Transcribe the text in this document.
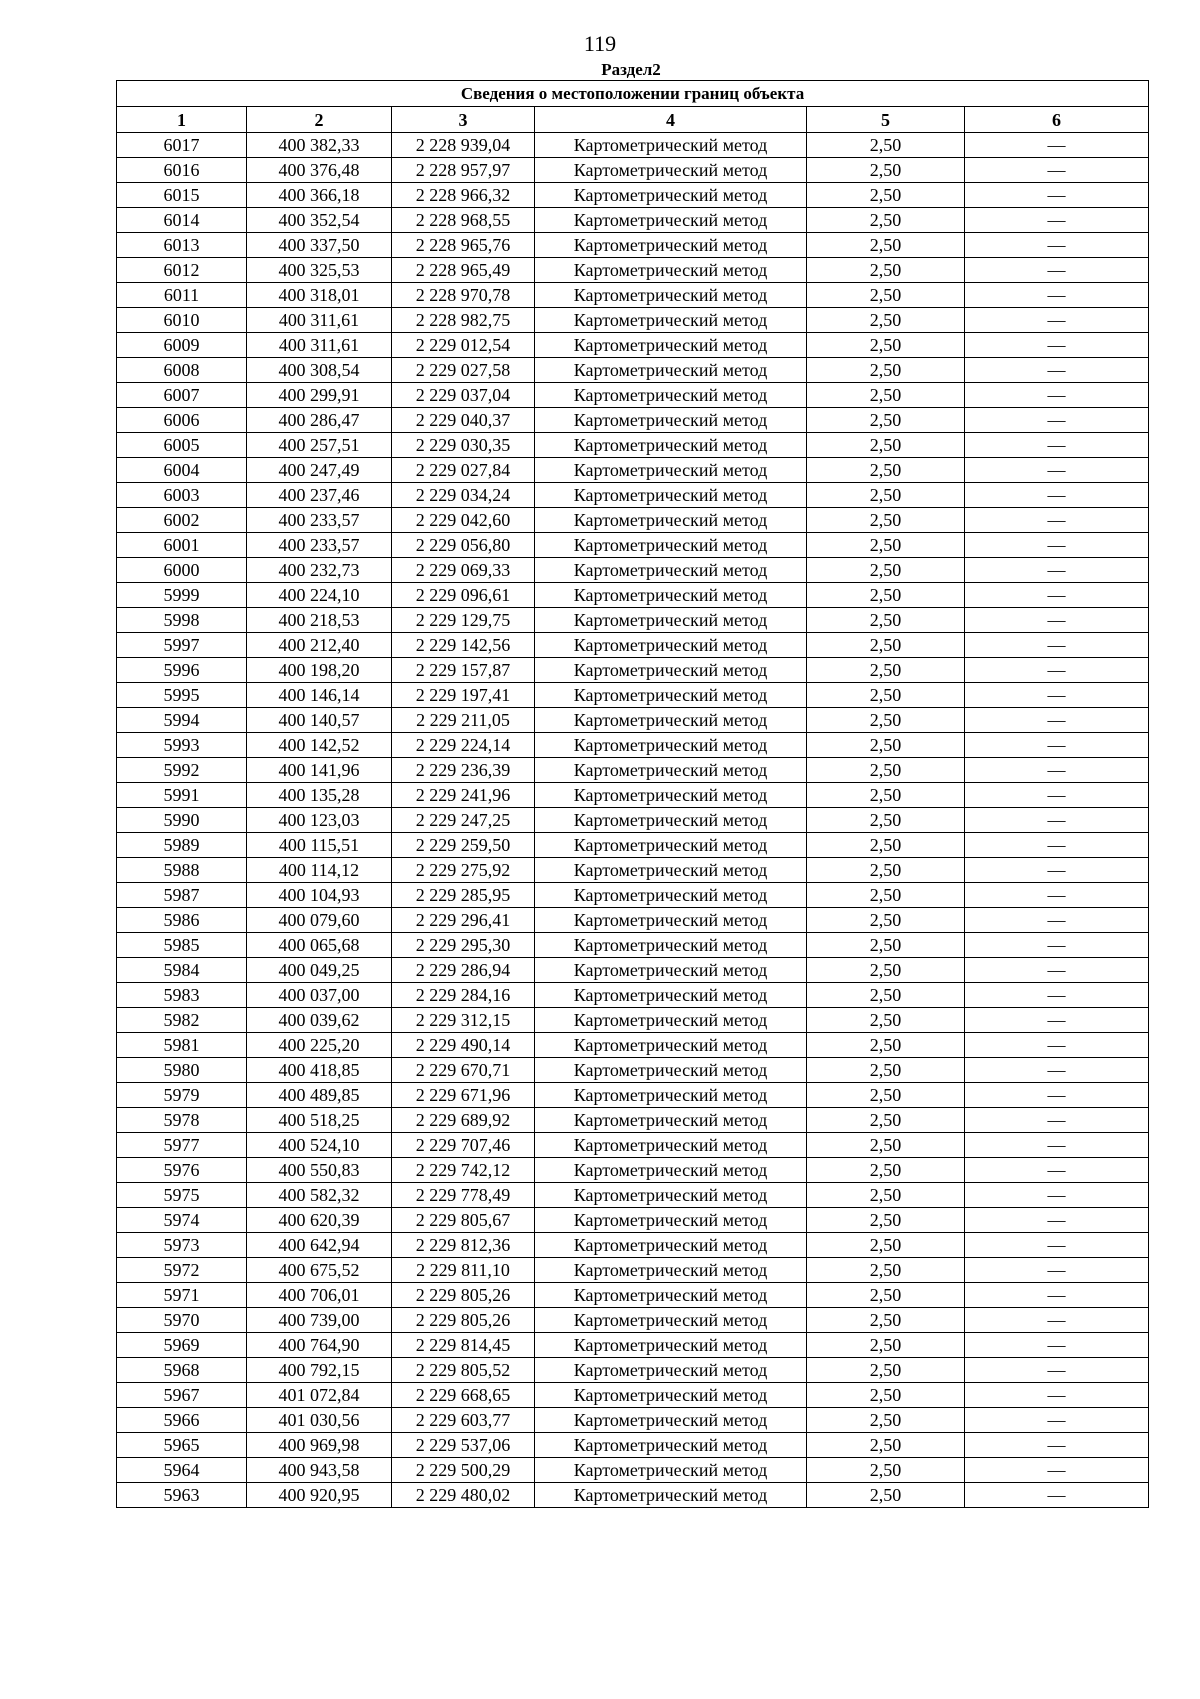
119
Раздел2
Сведения о местоположении границ объекта					
1	2	3	4	5	6
6017	400 382,33	2 228 939,04	Картометрический метод	2,50	—
6016	400 376,48	2 228 957,97	Картометрический метод	2,50	—
6015	400 366,18	2 228 966,32	Картометрический метод	2,50	—
6014	400 352,54	2 228 968,55	Картометрический метод	2,50	—
6013	400 337,50	2 228 965,76	Картометрический метод	2,50	—
6012	400 325,53	2 228 965,49	Картометрический метод	2,50	—
6011	400 318,01	2 228 970,78	Картометрический метод	2,50	—
6010	400 311,61	2 228 982,75	Картометрический метод	2,50	—
6009	400 311,61	2 229 012,54	Картометрический метод	2,50	—
6008	400 308,54	2 229 027,58	Картометрический метод	2,50	—
6007	400 299,91	2 229 037,04	Картометрический метод	2,50	—
6006	400 286,47	2 229 040,37	Картометрический метод	2,50	—
6005	400 257,51	2 229 030,35	Картометрический метод	2,50	—
6004	400 247,49	2 229 027,84	Картометрический метод	2,50	—
6003	400 237,46	2 229 034,24	Картометрический метод	2,50	—
6002	400 233,57	2 229 042,60	Картометрический метод	2,50	—
6001	400 233,57	2 229 056,80	Картометрический метод	2,50	—
6000	400 232,73	2 229 069,33	Картометрический метод	2,50	—
5999	400 224,10	2 229 096,61	Картометрический метод	2,50	—
5998	400 218,53	2 229 129,75	Картометрический метод	2,50	—
5997	400 212,40	2 229 142,56	Картометрический метод	2,50	—
5996	400 198,20	2 229 157,87	Картометрический метод	2,50	—
5995	400 146,14	2 229 197,41	Картометрический метод	2,50	—
5994	400 140,57	2 229 211,05	Картометрический метод	2,50	—
5993	400 142,52	2 229 224,14	Картометрический метод	2,50	—
5992	400 141,96	2 229 236,39	Картометрический метод	2,50	—
5991	400 135,28	2 229 241,96	Картометрический метод	2,50	—
5990	400 123,03	2 229 247,25	Картометрический метод	2,50	—
5989	400 115,51	2 229 259,50	Картометрический метод	2,50	—
5988	400 114,12	2 229 275,92	Картометрический метод	2,50	—
5987	400 104,93	2 229 285,95	Картометрический метод	2,50	—
5986	400 079,60	2 229 296,41	Картометрический метод	2,50	—
5985	400 065,68	2 229 295,30	Картометрический метод	2,50	—
5984	400 049,25	2 229 286,94	Картометрический метод	2,50	—
5983	400 037,00	2 229 284,16	Картометрический метод	2,50	—
5982	400 039,62	2 229 312,15	Картометрический метод	2,50	—
5981	400 225,20	2 229 490,14	Картометрический метод	2,50	—
5980	400 418,85	2 229 670,71	Картометрический метод	2,50	—
5979	400 489,85	2 229 671,96	Картометрический метод	2,50	—
5978	400 518,25	2 229 689,92	Картометрический метод	2,50	—
5977	400 524,10	2 229 707,46	Картометрический метод	2,50	—
5976	400 550,83	2 229 742,12	Картометрический метод	2,50	—
5975	400 582,32	2 229 778,49	Картометрический метод	2,50	—
5974	400 620,39	2 229 805,67	Картометрический метод	2,50	—
5973	400 642,94	2 229 812,36	Картометрический метод	2,50	—
5972	400 675,52	2 229 811,10	Картометрический метод	2,50	—
5971	400 706,01	2 229 805,26	Картометрический метод	2,50	—
5970	400 739,00	2 229 805,26	Картометрический метод	2,50	—
5969	400 764,90	2 229 814,45	Картометрический метод	2,50	—
5968	400 792,15	2 229 805,52	Картометрический метод	2,50	—
5967	401 072,84	2 229 668,65	Картометрический метод	2,50	—
5966	401 030,56	2 229 603,77	Картометрический метод	2,50	—
5965	400 969,98	2 229 537,06	Картометрический метод	2,50	—
5964	400 943,58	2 229 500,29	Картометрический метод	2,50	—
5963	400 920,95	2 229 480,02	Картометрический метод	2,50	—
